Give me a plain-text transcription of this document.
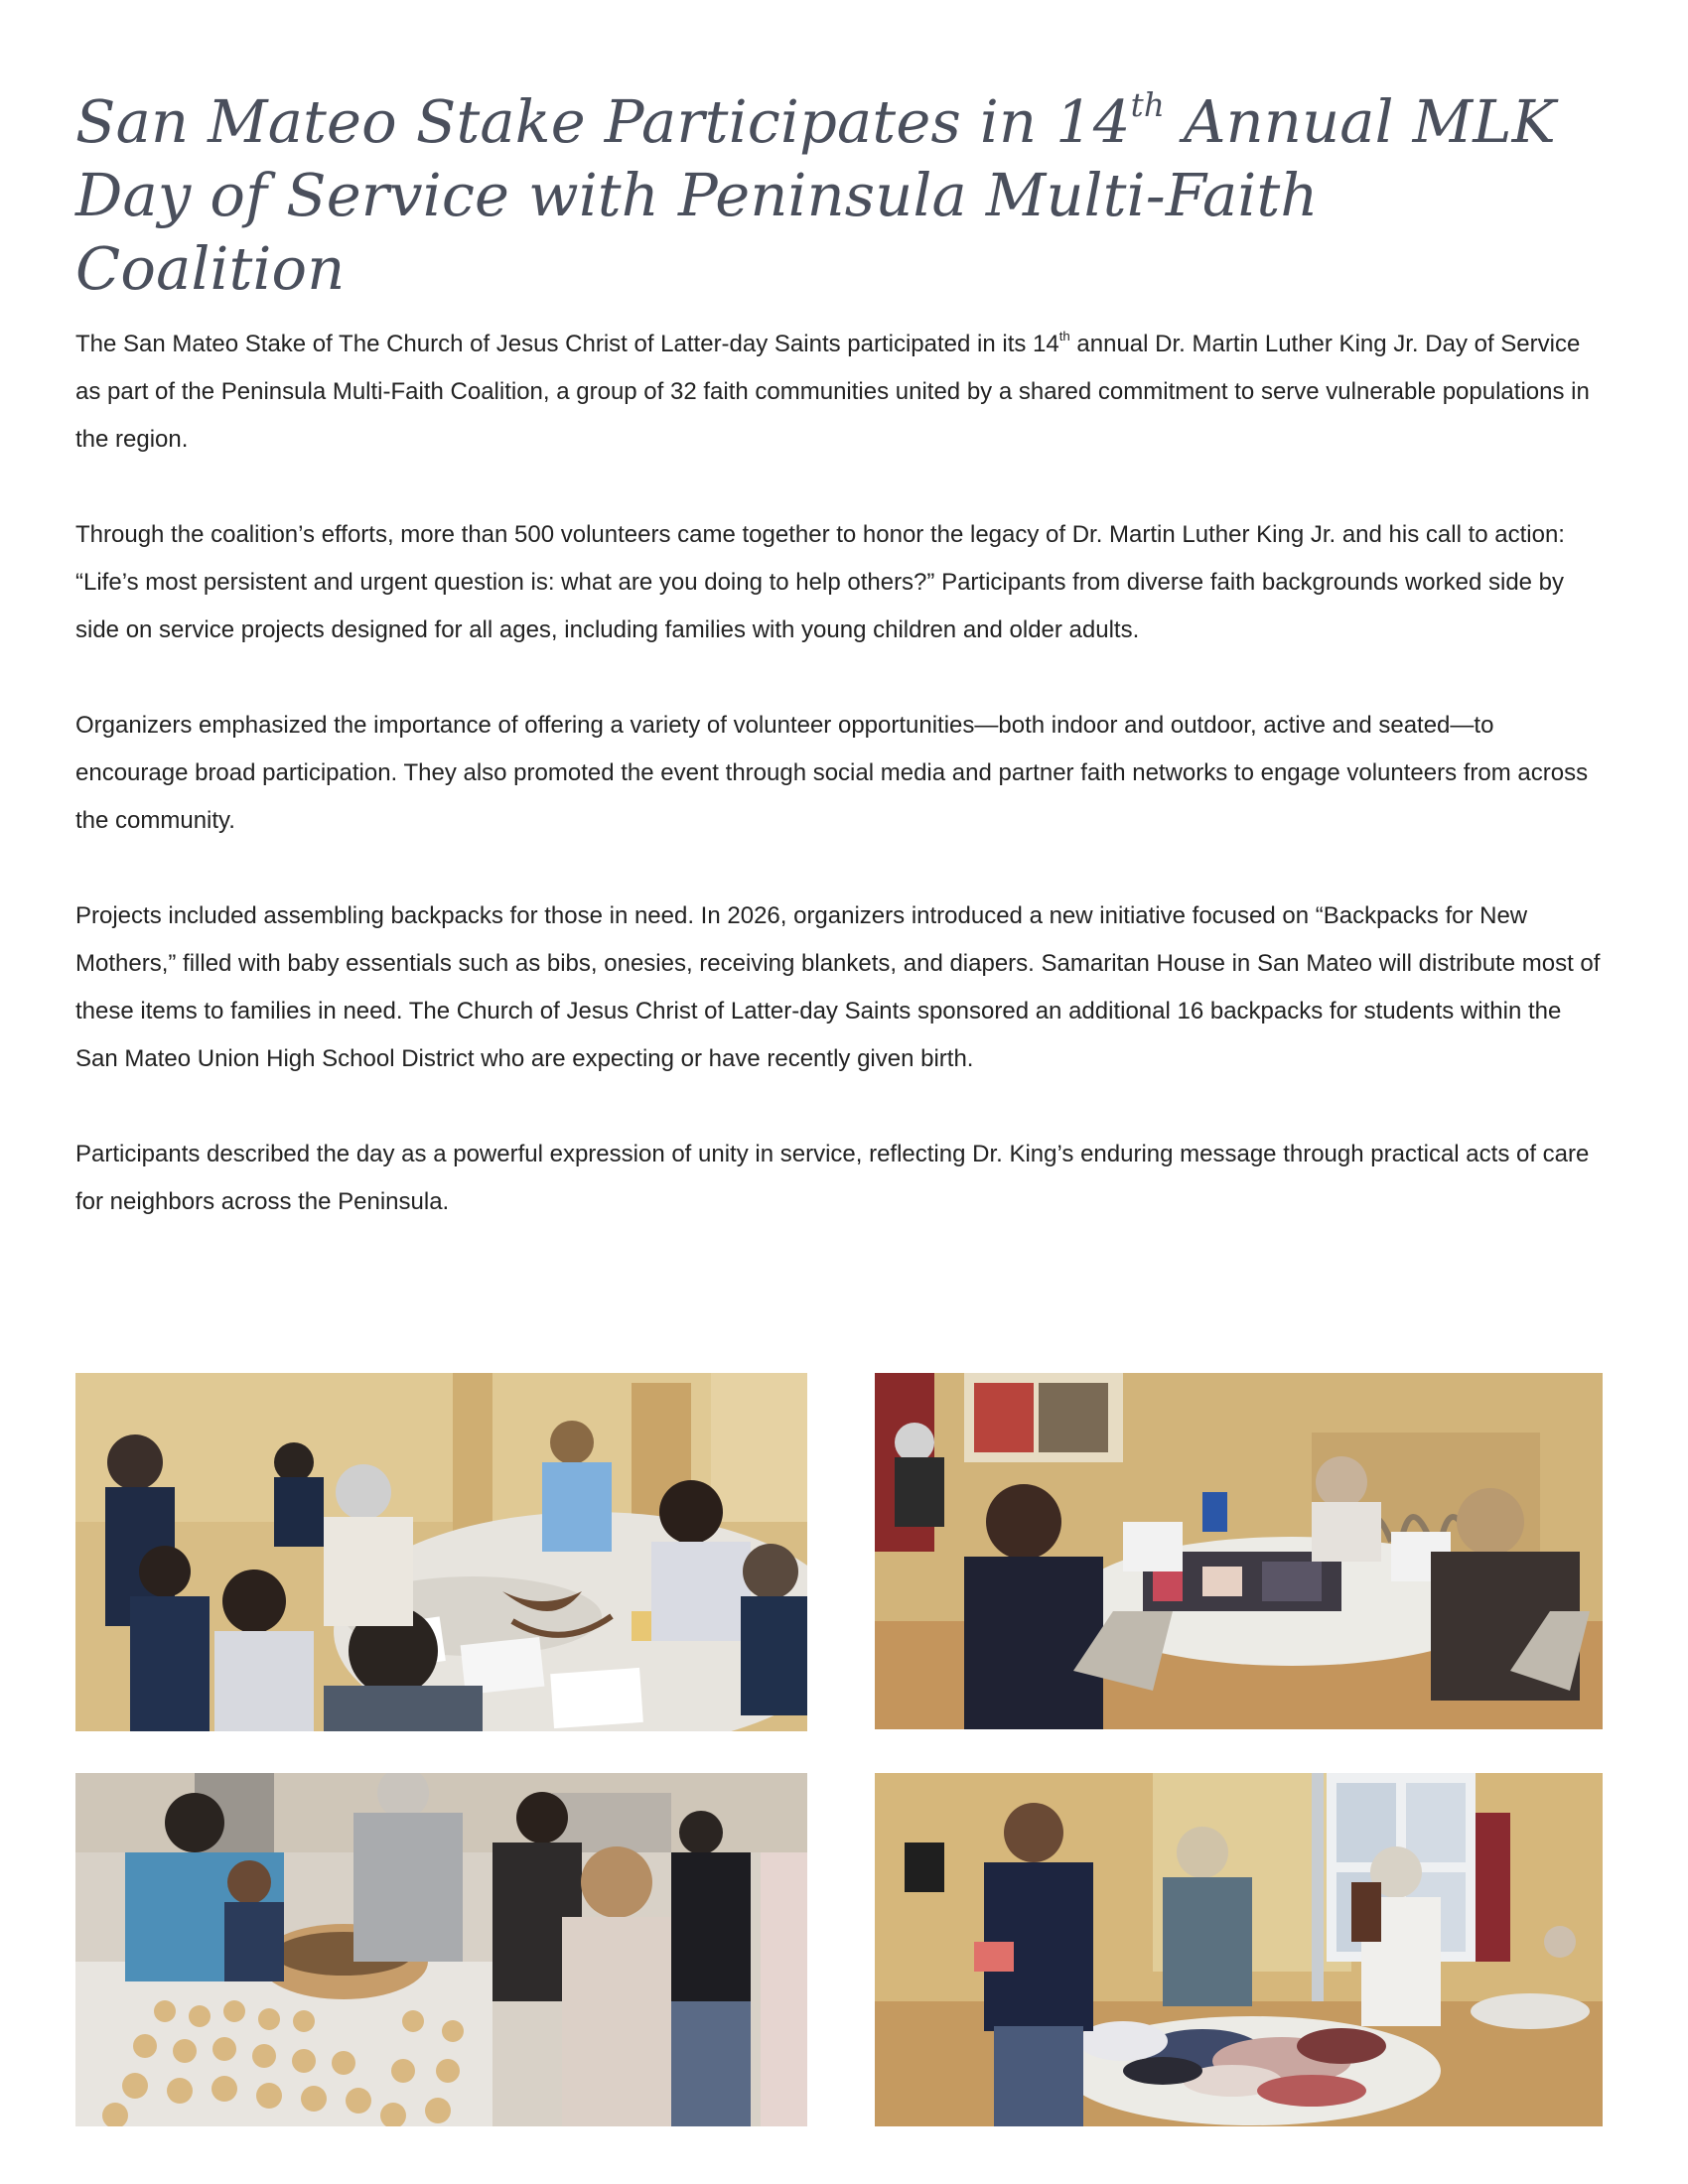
San Mateo Stake Participates in 14th Annual MLK Day of Service with Peninsula Multi-Faith Coalition

The San Mateo Stake of The Church of Jesus Christ of Latter-day Saints participated in its 14th annual Dr. Martin Luther King Jr. Day of Service as part of the Peninsula Multi-Faith Coalition, a group of 32 faith communities united by a shared commitment to serve vulnerable populations in the region.

Through the coalition’s efforts, more than 500 volunteers came together to honor the legacy of Dr. Martin Luther King Jr. and his call to action: “Life’s most persistent and urgent question is: what are you doing to help others?” Participants from diverse faith backgrounds worked side by side on service projects designed for all ages, including families with young children and older adults.

Organizers emphasized the importance of offering a variety of volunteer opportunities—both indoor and outdoor, active and seated—to encourage broad participation. They also promoted the event through social media and partner faith networks to engage volunteers from across the community.

Projects included assembling backpacks for those in need. In 2026, organizers introduced a new initiative focused on “Backpacks for New Mothers,” filled with baby essentials such as bibs, onesies, receiving blankets, and diapers. Samaritan House in San Mateo will distribute most of these items to families in need. The Church of Jesus Christ of Latter-day Saints sponsored an additional 16 backpacks for students within the San Mateo Union High School District who are expecting or have recently given birth.

Participants described the day as a powerful expression of unity in service, reflecting Dr. King’s enduring message through practical acts of care for neighbors across the Peninsula.
